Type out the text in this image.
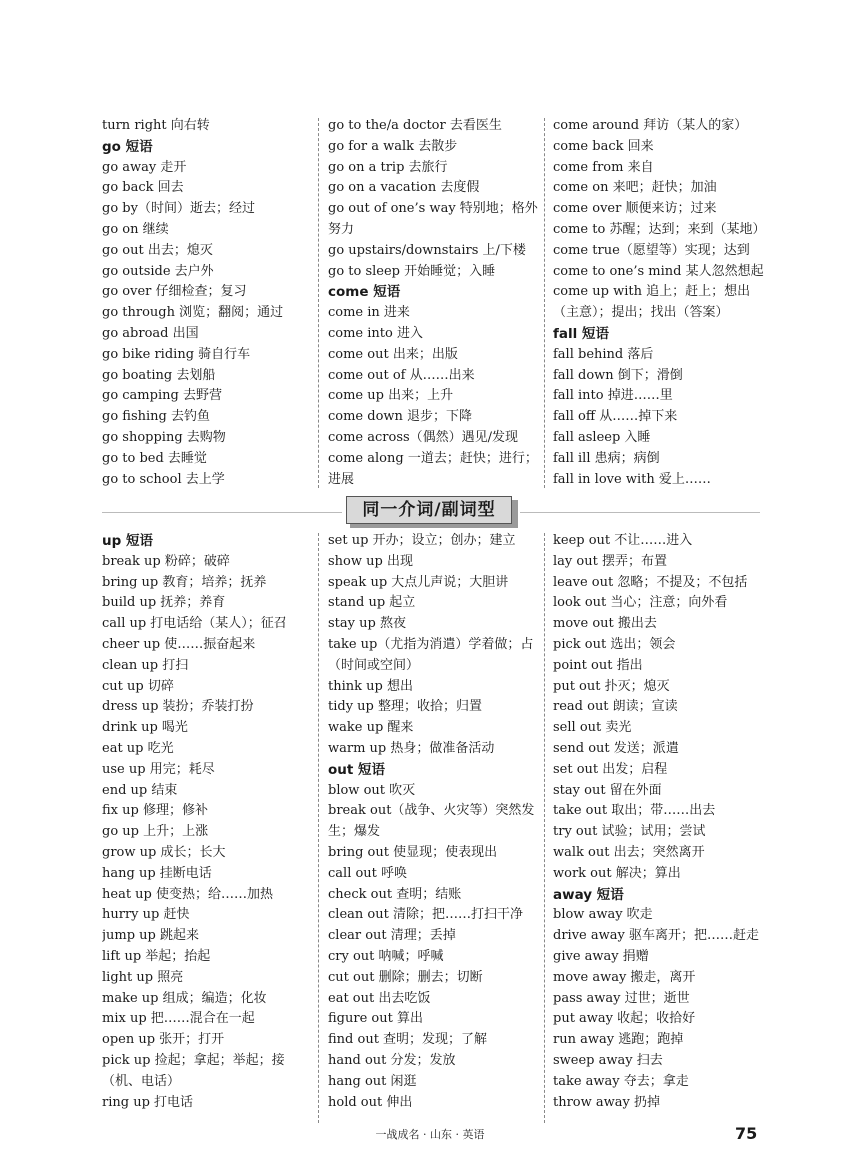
turn right 向右转
go 短语
go away 走开
go back 回去
go by（时间）逝去；经过
go on 继续
go out 出去；熄灭
go outside 去户外
go over 仔细检查；复习
go through 浏览；翻阅；通过
go abroad 出国
go bike riding 骑自行车
go boating 去划船
go camping 去野营
go fishing 去钓鱼
go shopping 去购物
go to bed 去睡觉
go to school 去上学
go to the/a doctor 去看医生
go for a walk 去散步
go on a trip 去旅行
go on a vacation 去度假
go out of one’s way 特别地；格外努力
go upstairs/downstairs 上/下楼
go to sleep 开始睡觉；入睡
come 短语
come in 进来
come into 进入
come out 出来；出版
come out of 从……出来
come up 出来；上升
come down 退步；下降
come across（偶然）遇见/发现
come along 一道去；赶快；进行；进展
come around 拜访（某人的家）
come back 回来
come from 来自
come on 来吧；赶快；加油
come over 顺便来访；过来
come to 苏醒；达到；来到（某地）
come true（愿望等）实现；达到
come to one’s mind 某人忽然想起
come up with 追上；赶上；想出（主意）；提出；找出（答案）
fall 短语
fall behind 落后
fall down 倒下；滑倒
fall into 掉进……里
fall off 从……掉下来
fall asleep 入睡
fall ill 患病；病倒
fall in love with 爱上……
同一介词/副词型
up 短语
break up 粉碎；破碎
bring up 教育；培养；抚养
build up 抚养；养育
call up 打电话给（某人）；征召
cheer up 使……振奋起来
clean up 打扫
cut up 切碎
dress up 装扮；乔装打扮
drink up 喝光
eat up 吃光
use up 用完；耗尽
end up 结束
fix up 修理；修补
go up 上升；上涨
grow up 成长；长大
hang up 挂断电话
heat up 使变热；给……加热
hurry up 赶快
jump up 跳起来
lift up 举起；抬起
light up 照亮
make up 组成；编造；化妆
mix up 把……混合在一起
open up 张开；打开
pick up 捡起；拿起；举起；接（机、电话）
ring up 打电话
set up 开办；设立；创办；建立
show up 出现
speak up 大点儿声说；大胆讲
stand up 起立
stay up 熬夜
take up（尤指为消遣）学着做；占（时间或空间）
think up 想出
tidy up 整理；收拾；归置
wake up 醒来
warm up 热身；做准备活动
out 短语
blow out 吹灭
break out（战争、火灾等）突然发生；爆发
bring out 使显现；使表现出
call out 呼唤
check out 查明；结账
clean out 清除；把……打扫干净
clear out 清理；丢掉
cry out 呐喊；呼喊
cut out 删除；删去；切断
eat out 出去吃饭
figure out 算出
find out 查明；发现；了解
hand out 分发；发放
hang out 闲逛
hold out 伸出
keep out 不让……进入
lay out 摆弄；布置
leave out 忽略；不提及；不包括
look out 当心；注意；向外看
move out 搬出去
pick out 选出；领会
point out 指出
put out 扑灭；熄灭
read out 朗读；宣读
sell out 卖光
send out 发送；派遣
set out 出发；启程
stay out 留在外面
take out 取出；带……出去
try out 试验；试用；尝试
walk out 出去；突然离开
work out 解决；算出
away 短语
blow away 吹走
drive away 驱车离开；把……赶走
give away 捐赠
move away 搬走，离开
pass away 过世；逝世
put away 收起；收拾好
run away 逃跑；跑掉
sweep away 扫去
take away 夺去；拿走
throw away 扔掉
一战成名 · 山东 · 英语	75
